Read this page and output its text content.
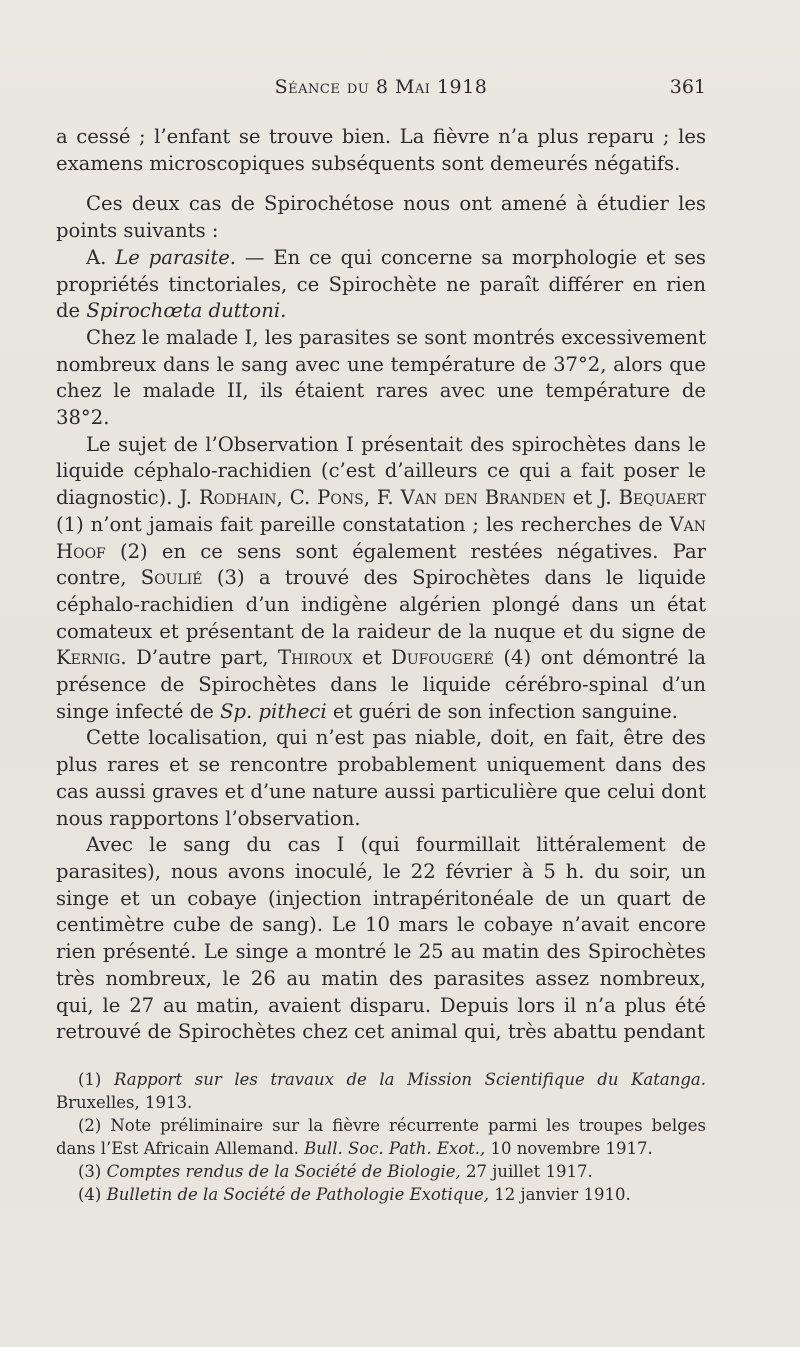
Séance du 8 Mai 1918	361

a cessé ; l’enfant se trouve bien. La fièvre n’a plus reparu ; les examens microscopiques subséquents sont demeurés négatifs.

Ces deux cas de Spirochétose nous ont amené à étudier les points suivants :

A. Le parasite. — En ce qui concerne sa morphologie et ses propriétés tinctoriales, ce Spirochète ne paraît différer en rien de Spirochœta duttoni.

Chez le malade I, les parasites se sont montrés excessivement nombreux dans le sang avec une température de 37°2, alors que chez le malade II, ils étaient rares avec une température de 38°2.

Le sujet de l’Observation I présentait des spirochètes dans le liquide céphalo-rachidien (c’est d’ailleurs ce qui a fait poser le diagnostic). J. Rodhain, C. Pons, F. Van den Branden et J. Bequaert (1) n’ont jamais fait pareille constatation ; les recherches de Van Hoof (2) en ce sens sont également restées négatives. Par contre, Soulié (3) a trouvé des Spirochètes dans le liquide céphalo-rachidien d’un indigène algérien plongé dans un état comateux et présentant de la raideur de la nuque et du signe de Kernig. D’autre part, Thiroux et Dufougeré (4) ont démontré la présence de Spirochètes dans le liquide cérébro-spinal d’un singe infecté de Sp. pitheci et guéri de son infection sanguine.

Cette localisation, qui n’est pas niable, doit, en fait, être des plus rares et se rencontre probablement uniquement dans des cas aussi graves et d’une nature aussi particulière que celui dont nous rapportons l’observation.

Avec le sang du cas I (qui fourmillait littéralement de parasites), nous avons inoculé, le 22 février à 5 h. du soir, un singe et un cobaye (injection intrapéritonéale de un quart de centimètre cube de sang). Le 10 mars le cobaye n’avait encore rien présenté. Le singe a montré le 25 au matin des Spirochètes très nombreux, le 26 au matin des parasites assez nombreux, qui, le 27 au matin, avaient disparu. Depuis lors il n’a plus été retrouvé de Spirochètes chez cet animal qui, très abattu pendant

(1) Rapport sur les travaux de la Mission Scientifique du Katanga. Bruxelles, 1913.

(2) Note préliminaire sur la fièvre récurrente parmi les troupes belges dans l’Est Africain Allemand. Bull. Soc. Path. Exot., 10 novembre 1917.

(3) Comptes rendus de la Société de Biologie, 27 juillet 1917.

(4) Bulletin de la Société de Pathologie Exotique, 12 janvier 1910.
